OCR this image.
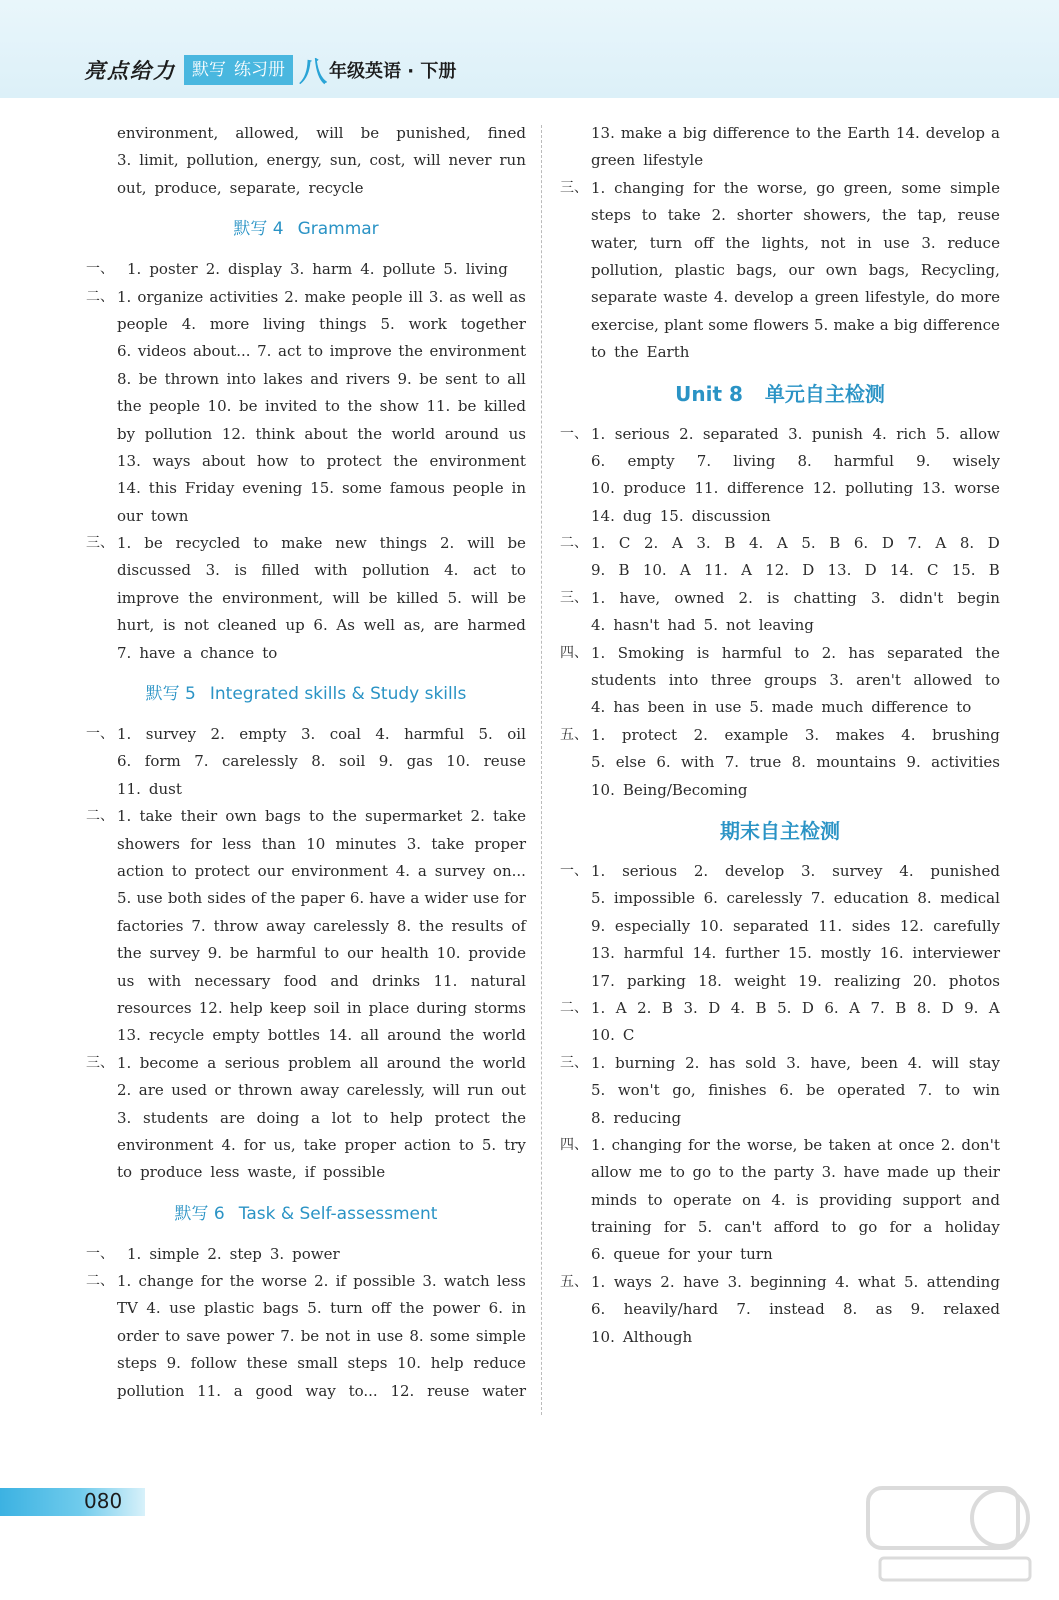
亮点给力 默写 练习册 八 年级英语 · 下册
environment, allowed, will be punished, fined
3. limit, pollution, energy, sun, cost, will never run
out, produce, separate, recycle
默写 4 Grammar
一、 1. poster 2. display 3. harm 4. pollute 5. living
二、 1. organize activities 2. make people ill 3. as well as
people 4. more living things 5. work together
6. videos about... 7. act to improve the environment
8. be thrown into lakes and rivers 9. be sent to all
the people 10. be invited to the show 11. be killed
by pollution 12. think about the world around us
13. ways about how to protect the environment
14. this Friday evening 15. some famous people in
our town
三、 1. be recycled to make new things 2. will be
discussed 3. is filled with pollution 4. act to
improve the environment, will be killed 5. will be
hurt, is not cleaned up 6. As well as, are harmed
7. have a chance to
默写 5 Integrated skills & Study skills
一、 1. survey 2. empty 3. coal 4. harmful 5. oil
6. form 7. carelessly 8. soil 9. gas 10. reuse
11. dust
二、 1. take their own bags to the supermarket 2. take
showers for less than 10 minutes 3. take proper
action to protect our environment 4. a survey on...
5. use both sides of the paper 6. have a wider use for
factories 7. throw away carelessly 8. the results of
the survey 9. be harmful to our health 10. provide
us with necessary food and drinks 11. natural
resources 12. help keep soil in place during storms
13. recycle empty bottles 14. all around the world
三、 1. become a serious problem all around the world
2. are used or thrown away carelessly, will run out
3. students are doing a lot to help protect the
environment 4. for us, take proper action to 5. try
to produce less waste, if possible
默写 6 Task & Self-assessment
一、 1. simple 2. step 3. power
二、 1. change for the worse 2. if possible 3. watch less
TV 4. use plastic bags 5. turn off the power 6. in
order to save power 7. be not in use 8. some simple
steps 9. follow these small steps 10. help reduce
pollution 11. a good way to... 12. reuse water
13. make a big difference to the Earth 14. develop a
green lifestyle
三、 1. changing for the worse, go green, some simple
steps to take 2. shorter showers, the tap, reuse
water, turn off the lights, not in use 3. reduce
pollution, plastic bags, our own bags, Recycling,
separate waste 4. develop a green lifestyle, do more
exercise, plant some flowers 5. make a big difference
to the Earth
Unit 8 单元自主检测
一、 1. serious 2. separated 3. punish 4. rich 5. allow
6. empty 7. living 8. harmful 9. wisely
10. produce 11. difference 12. polluting 13. worse
14. dug 15. discussion
二、 1. C 2. A 3. B 4. A 5. B 6. D 7. A 8. D
9. B 10. A 11. A 12. D 13. D 14. C 15. B
三、 1. have, owned 2. is chatting 3. didn't begin
4. hasn't had 5. not leaving
四、 1. Smoking is harmful to 2. has separated the
students into three groups 3. aren't allowed to
4. has been in use 5. made much difference to
五、 1. protect 2. example 3. makes 4. brushing
5. else 6. with 7. true 8. mountains 9. activities
10. Being/Becoming
期末自主检测
一、 1. serious 2. develop 3. survey 4. punished
5. impossible 6. carelessly 7. education 8. medical
9. especially 10. separated 11. sides 12. carefully
13. harmful 14. further 15. mostly 16. interviewer
17. parking 18. weight 19. realizing 20. photos
二、 1. A 2. B 3. D 4. B 5. D 6. A 7. B 8. D 9. A
10. C
三、 1. burning 2. has sold 3. have, been 4. will stay
5. won't go, finishes 6. be operated 7. to win
8. reducing
四、 1. changing for the worse, be taken at once 2. don't
allow me to go to the party 3. have made up their
minds to operate on 4. is providing support and
training for 5. can't afford to go for a holiday
6. queue for your turn
五、 1. ways 2. have 3. beginning 4. what 5. attending
6. heavily/hard 7. instead 8. as 9. relaxed
10. Although
080
